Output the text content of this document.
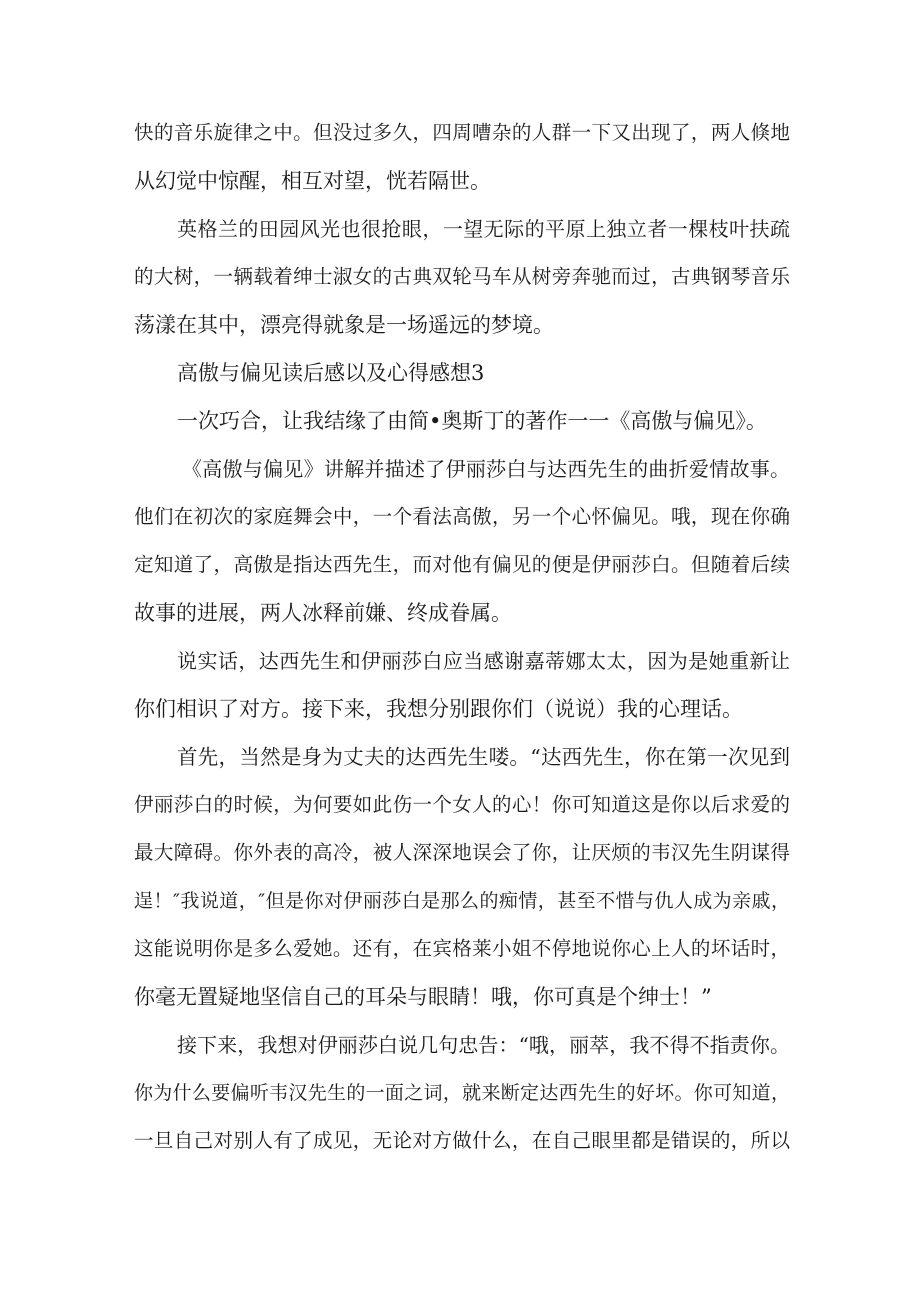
快的音乐旋律之中。但没过多久，四周嘈杂的人群一下又出现了，两人倏地
从幻觉中惊醒，相互对望，恍若隔世。
英格兰的田园风光也很抢眼，一望无际的平原上独立者一棵枝叶扶疏
的大树，一辆载着绅士淑女的古典双轮马车从树旁奔驰而过，古典钢琴音乐
荡漾在其中，漂亮得就象是一场遥远的梦境。
高傲与偏见读后感以及心得感想3
一次巧合，让我结缘了由简•奥斯丁的著作一一《高傲与偏见》。
《高傲与偏见》讲解并描述了伊丽莎白与达西先生的曲折爱情故事。
他们在初次的家庭舞会中，一个看法高傲，另一个心怀偏见。哦，现在你确
定知道了，高傲是指达西先生，而对他有偏见的便是伊丽莎白。但随着后续
故事的进展，两人冰释前嫌、终成眷属。
说实话，达西先生和伊丽莎白应当感谢嘉蒂娜太太，因为是她重新让
你们相识了对方。接下来，我想分别跟你们（说说）我的心理话。
首先，当然是身为丈夫的达西先生喽。“达西先生，你在第一次见到
伊丽莎白的时候，为何要如此伤一个女人的心！你可知道这是你以后求爱的
最大障碍。你外表的高冷，被人深深地误会了你，让厌烦的韦汉先生阴谋得
逞！″我说道，″但是你对伊丽莎白是那么的痴情，甚至不惜与仇人成为亲戚，
这能说明你是多么爱她。还有，在宾格莱小姐不停地说你心上人的坏话时，
你毫无置疑地坚信自己的耳朵与眼睛！哦，你可真是个绅士！”
接下来，我想对伊丽莎白说几句忠告：“哦，丽萃，我不得不指责你。
你为什么要偏听韦汉先生的一面之词，就来断定达西先生的好坏。你可知道，
一旦自己对别人有了成见，无论对方做什么，在自己眼里都是错误的，所以
